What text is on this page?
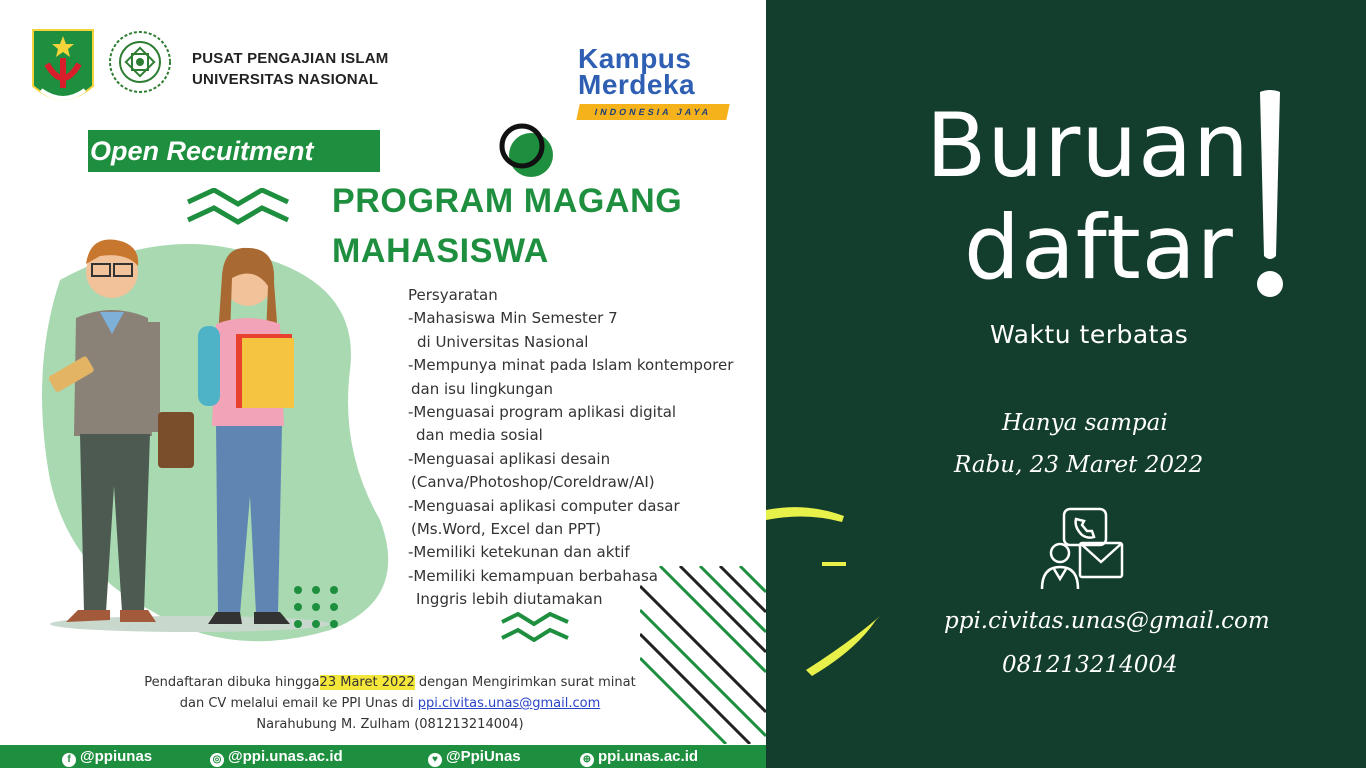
PUSAT PENGAJIAN ISLAM
UNIVERSITAS NASIONAL
Kampus
Merdeka
INDONESIA JAYA
Open Recuitment
PROGRAM MAGANG
MAHASISWA
Persyaratan
-Mahasiswa Min Semester 7
di Universitas Nasional
-Mempunya minat pada Islam kontemporer
dan isu lingkungan
-Menguasai program aplikasi digital
dan media sosial
-Menguasai aplikasi desain
(Canva/Photoshop/Coreldraw/AI)
-Menguasai aplikasi computer dasar
(Ms.Word, Excel dan PPT)
-Memiliki ketekunan dan aktif
-Memiliki kemampuan berbahasa
Inggris lebih diutamakan
Pendaftaran dibuka hingga23 Maret 2022 dengan Mengirimkan surat minat
dan CV melalui email ke PPI Unas di ppi.civitas.unas@gmail.com
Narahubung M. Zulham (081213214004)
f @ppiunas	◎ @ppi.unas.ac.id	♥ @PpiUnas	⊕ ppi.unas.ac.id
Buruan
daftar
Waktu terbatas
Hanya sampai
Rabu, 23 Maret 2022
ppi.civitas.unas@gmail.com
081213214004
